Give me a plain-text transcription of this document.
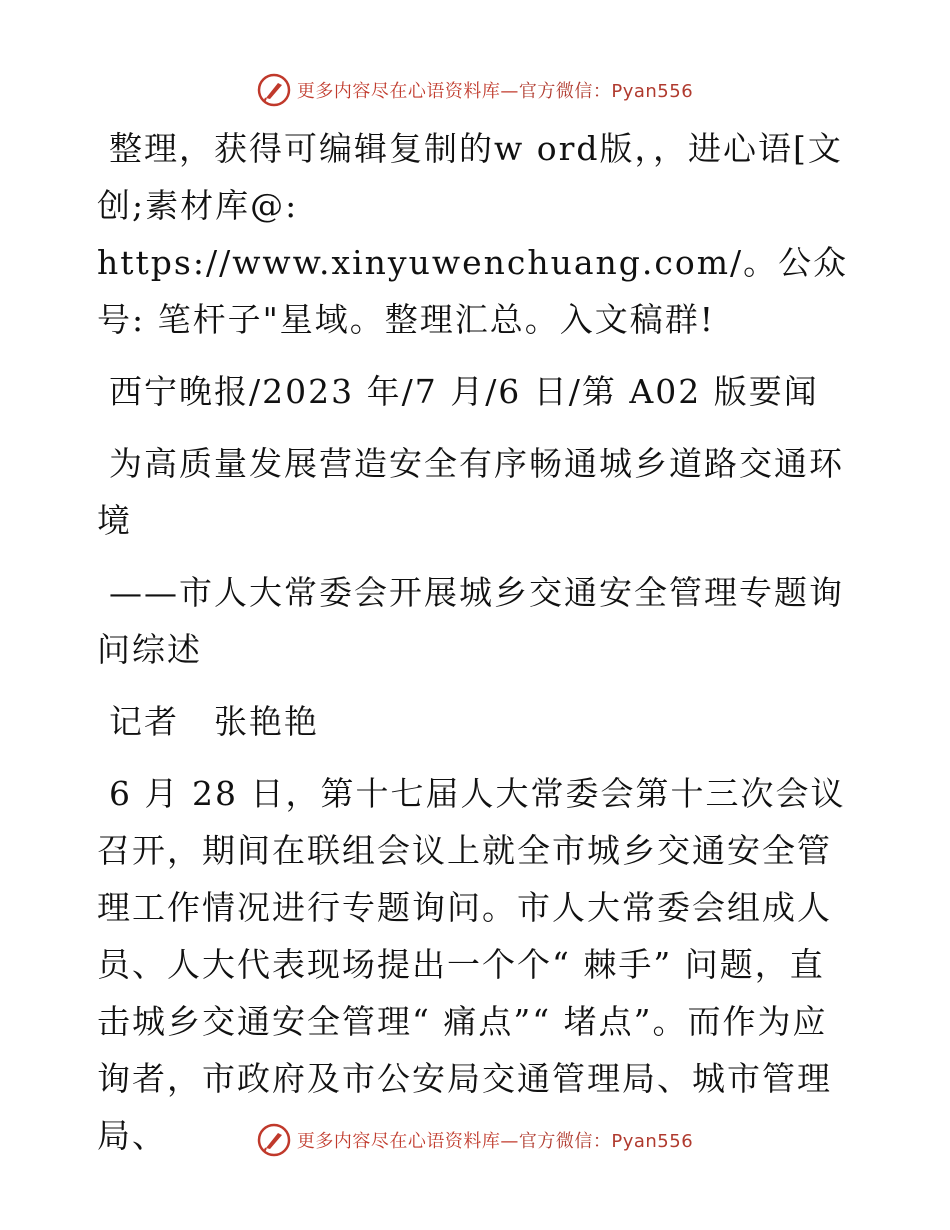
更多内容尽在心语资料库—官方微信：Pyan556

整理，获得可编辑复制的w ord版，，进心语[文创;素材库@: https://www.xinyuwenchuang.com/。公众号: 笔杆子"星域。整理汇总。入文稿群!

西宁晚报/2023 年/7 月/6 日/第 A02 版要闻

为高质量发展营造安全有序畅通城乡道路交通环境

——市人大常委会开展城乡交通安全管理专题询问综述

记者　张艳艳

6 月 28 日，第十七届人大常委会第十三次会议召开，期间在联组会议上就全市城乡交通安全管理工作情况进行专题询问。市人大常委会组成人员、人大代表现场提出一个个“ 棘手” 问题，直击城乡交通安全管理“ 痛点”“ 堵点”。而作为应询者，市政府及市公安局交通管理局、城市管理局、	更多内容尽在心语资料库—官方微信：Pyan556
